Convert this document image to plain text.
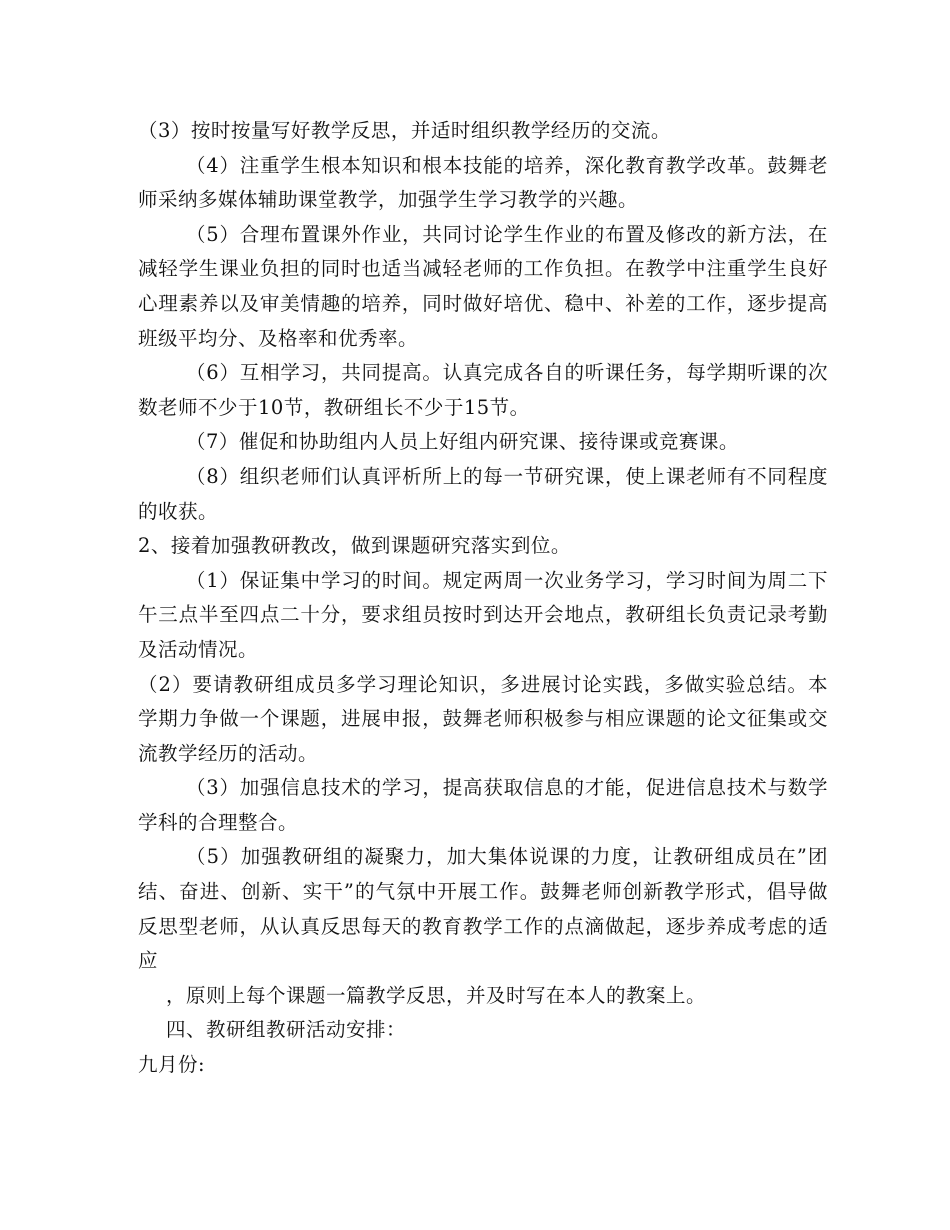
（3）按时按量写好教学反思，并适时组织教学经历的交流。

（4）注重学生根本知识和根本技能的培养，深化教育教学改革。鼓舞老师采纳多媒体辅助课堂教学，加强学生学习教学的兴趣。

（5）合理布置课外作业，共同讨论学生作业的布置及修改的新方法，在减轻学生课业负担的同时也适当减轻老师的工作负担。在教学中注重学生良好心理素养以及审美情趣的培养，同时做好培优、稳中、补差的工作，逐步提高班级平均分、及格率和优秀率。

（6）互相学习，共同提高。认真完成各自的听课任务，每学期听课的次数老师不少于10节，教研组长不少于15节。

（7）催促和协助组内人员上好组内研究课、接待课或竞赛课。

（8）组织老师们认真评析所上的每一节研究课，使上课老师有不同程度的收获。

2、接着加强教研教改，做到课题研究落实到位。

（1）保证集中学习的时间。规定两周一次业务学习，学习时间为周二下午三点半至四点二十分，要求组员按时到达开会地点，教研组长负责记录考勤及活动情况。

（2）要请教研组成员多学习理论知识，多进展讨论实践，多做实验总结。本学期力争做一个课题，进展申报，鼓舞老师积极参与相应课题的论文征集或交流教学经历的活动。

（3）加强信息技术的学习，提高获取信息的才能，促进信息技术与数学学科的合理整合。

（5）加强教研组的凝聚力，加大集体说课的力度，让教研组成员在”团结、奋进、创新、实干”的气氛中开展工作。鼓舞老师创新教学形式，倡导做反思型老师，从认真反思每天的教育教学工作的点滴做起，逐步养成考虑的适应

，原则上每个课题一篇教学反思，并及时写在本人的教案上。

四、教研组教研活动安排：

九月份:
